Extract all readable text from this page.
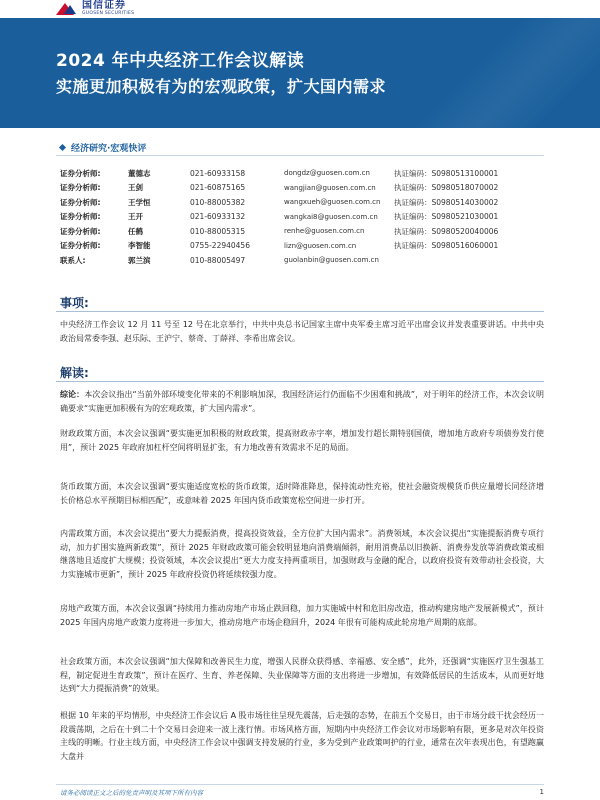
国信证券
GUOSEN SECURITIES
2024 年中央经济工作会议解读
实施更加积极有为的宏观政策，扩大国内需求
经济研究·宏观快评
证券分析师:	董德志	021-60933158	dongdz@guosen.com.cn	执证编码：S0980513100001
证券分析师:	王剑	021-60875165	wangjian@guosen.com.cn	执证编码：S0980518070002
证券分析师:	王学恒	010-88005382	wangxueh@guosen.com.cn	执证编码：S0980514030002
证券分析师:	王开	021-60933132	wangkai8@guosen.com.cn	执证编码：S0980521030001
证券分析师:	任鹤	010-88005315	renhe@guosen.com.cn	执证编码：S0980520040006
证券分析师:	李智能	0755-22940456	lizn@guosen.com.cn	执证编码：S0980516060001
联系人:	郭兰滨	010-88005497	guolanbin@guosen.com.cn
事项:
中央经济工作会议 12 月 11 号至 12 号在北京举行，中共中央总书记国家主席中央军委主席习近平出席会议并发表重要讲话。中共中央政治局常委李强、赵乐际、王沪宁、蔡奇、丁薛祥、李希出席会议。
解读:
综论：本次会议指出“当前外部环境变化带来的不利影响加深，我国经济运行仍面临不少困难和挑战”，对于明年的经济工作，本次会议明确要求“实施更加积极有为的宏观政策，扩大国内需求”。
财政政策方面，本次会议强调“要实施更加积极的财政政策，提高财政赤字率，增加发行超长期特别国债，增加地方政府专项债券发行使用”，预计 2025 年政府加杠杆空间将明显扩张，有力地改善有效需求不足的局面。
货币政策方面，本次会议强调“要实施适度宽松的货币政策，适时降准降息，保持流动性充裕，使社会融资规模货币供应量增长同经济增长价格总水平预期目标相匹配”，或意味着 2025 年国内货币政策宽松空间进一步打开。
内需政策方面，本次会议提出“要大力提振消费，提高投资效益，全方位扩大国内需求”。消费领域，本次会议提出“实施提振消费专项行动，加力扩围实施两新政策”，预计 2025 年财政政策可能会较明显地向消费端倾斜，耐用消费品以旧换新、消费券发放等消费政策或相继落地且适度扩大规模；投资领域，本次会议提出“更大力度支持两重项目，加强财政与金融的配合，以政府投资有效带动社会投资，大力实施城市更新”，预计 2025 年政府投资仍将延续较强力度。
房地产政策方面，本次会议强调“持续用力推动房地产市场止跌回稳，加力实施城中村和危旧房改造，推动构建房地产发展新模式”，预计 2025 年国内房地产政策力度将进一步加大，推动房地产市场企稳回升，2024 年很有可能构成此轮房地产周期的底部。
社会政策方面，本次会议强调“加大保障和改善民生力度，增强人民群众获得感、幸福感、安全感”，此外，还强调“实施医疗卫生强基工程，制定促进生育政策”，预计在医疗、生育、养老保障、失业保障等方面的支出将进一步增加，有效降低居民的生活成本，从而更好地达到“大力提振消费”的效果。
根据 10 年来的平均情形，中央经济工作会议后 A 股市场往往呈现先震荡，后走强的态势，在前五个交易日，由于市场分歧干扰会经历一段震荡期，之后在十到二十个交易日会迎来一波上涨行情。市场风格方面，短期内中央经济工作会议对市场影响有限，更多是对次年投资主线的明晰。行业主线方面，中央经济工作会议中强调支持发展的行业，多为受到产业政策呵护的行业，通常在次年表现出色，有望跑赢大盘并
请务必阅读正文之后的免责声明及其项下所有内容	1
